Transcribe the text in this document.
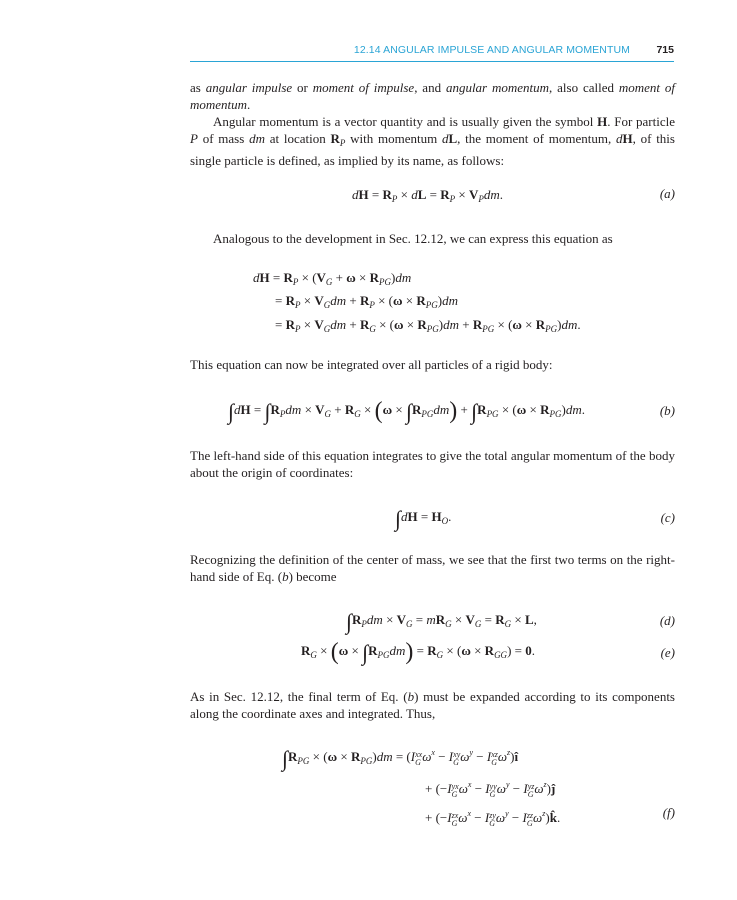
12.14 ANGULAR IMPULSE AND ANGULAR MOMENTUM	715

as angular impulse or moment of impulse, and angular momentum, also called moment of momentum.

Angular momentum is a vector quantity and is usually given the symbol H. For particle P of mass dm at location $R_P$ with momentum dL, the moment of momentum, dH, of this single particle is defined, as implied by its name, as follows:

dH = $R_P$ × dL = $R_P \times V_Pdm$.	(a)

Analogous to the development in Sec. 12.12, we can express this equation as

dH = $R_P \times (V_G + \omega \times R_{PG})dm$
= $R_P \times V_Gdm + R_P \times (\omega \times R_{PG})dm$
= $R_P \times V_Gdm + R_G \times (\omega \times R_{PG})dm + R_{PG} \times (\omega \times R_{PG})dm$.

This equation can now be integrated over all particles of a rigid body:

$\int dH = \int R_Pdm \times V_G + R_G \times (\omega \times \int R_{PG}dm) + \int R_{PG} \times (\omega \times R_{PG})dm$.	(b)

The left-hand side of this equation integrates to give the total angular momentum of the body about the origin of coordinates:

$\int dH = H_O$.	(c)

Recognizing the definition of the center of mass, we see that the first two terms on the right-hand side of Eq. (b) become

$\int R_Pdm \times V_G = mR_G \times V_G = R_G \times L$,	(d)
$R_G \times (\omega \times \int R_{PG}dm) = R_G \times (\omega \times R_{GG}) = 0$.	(e)

As in Sec. 12.12, the final term of Eq. (b) must be expanded according to its components along the coordinate axes and integrated. Thus,

$\int R_{PG} \times (\omega \times R_{PG})dm = (I$ xx
G $\omega^x - I$ xy
G $\omega^y - I$ xz
G $\omega^z)î$
+ (−I yx
G $\omega^x - I$ yy
G $\omega^y - I$ yz
G $\omega^z)ĵ$
+ (−I zx
G $\omega^x - I$ zy
G $\omega^y - I$ zz
G $\omega^z)k̂$.	(f)
